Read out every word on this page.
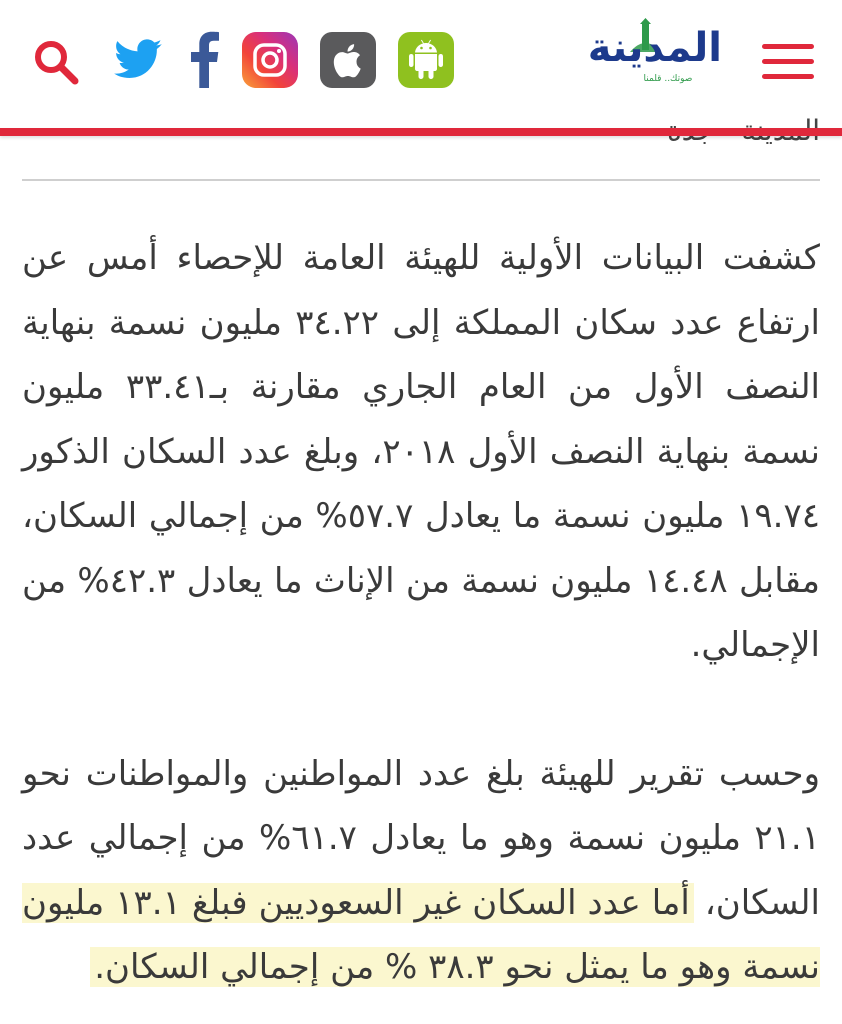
المدينة
صوتك.. قلمنا

كشفت البيانات الأولية للهيئة العامة للإحصاء أمس عن ارتفاع عدد سكان المملكة إلى ٣٤.٢٢ مليون نسمة بنهاية النصف الأول من العام الجاري مقارنة بـ٣٣.٤١ مليون نسمة بنهاية النصف الأول ٢٠١٨، وبلغ عدد السكان الذكور ١٩.٧٤ مليون نسمة ما يعادل ٥٧.٧% من إجمالي السكان، مقابل ١٤.٤٨ مليون نسمة من الإناث ما يعادل ٤٢.٣% من الإجمالي.

وحسب تقرير للهيئة بلغ عدد المواطنين والمواطنات نحو ٢١.١ مليون نسمة وهو ما يعادل ٦١.٧% من إجمالي عدد السكان، أما عدد السكان غير السعوديين فبلغ ١٣.١ مليون نسمة وهو ما يمثل نحو ٣٨.٣ % من إجمالي السكان.
